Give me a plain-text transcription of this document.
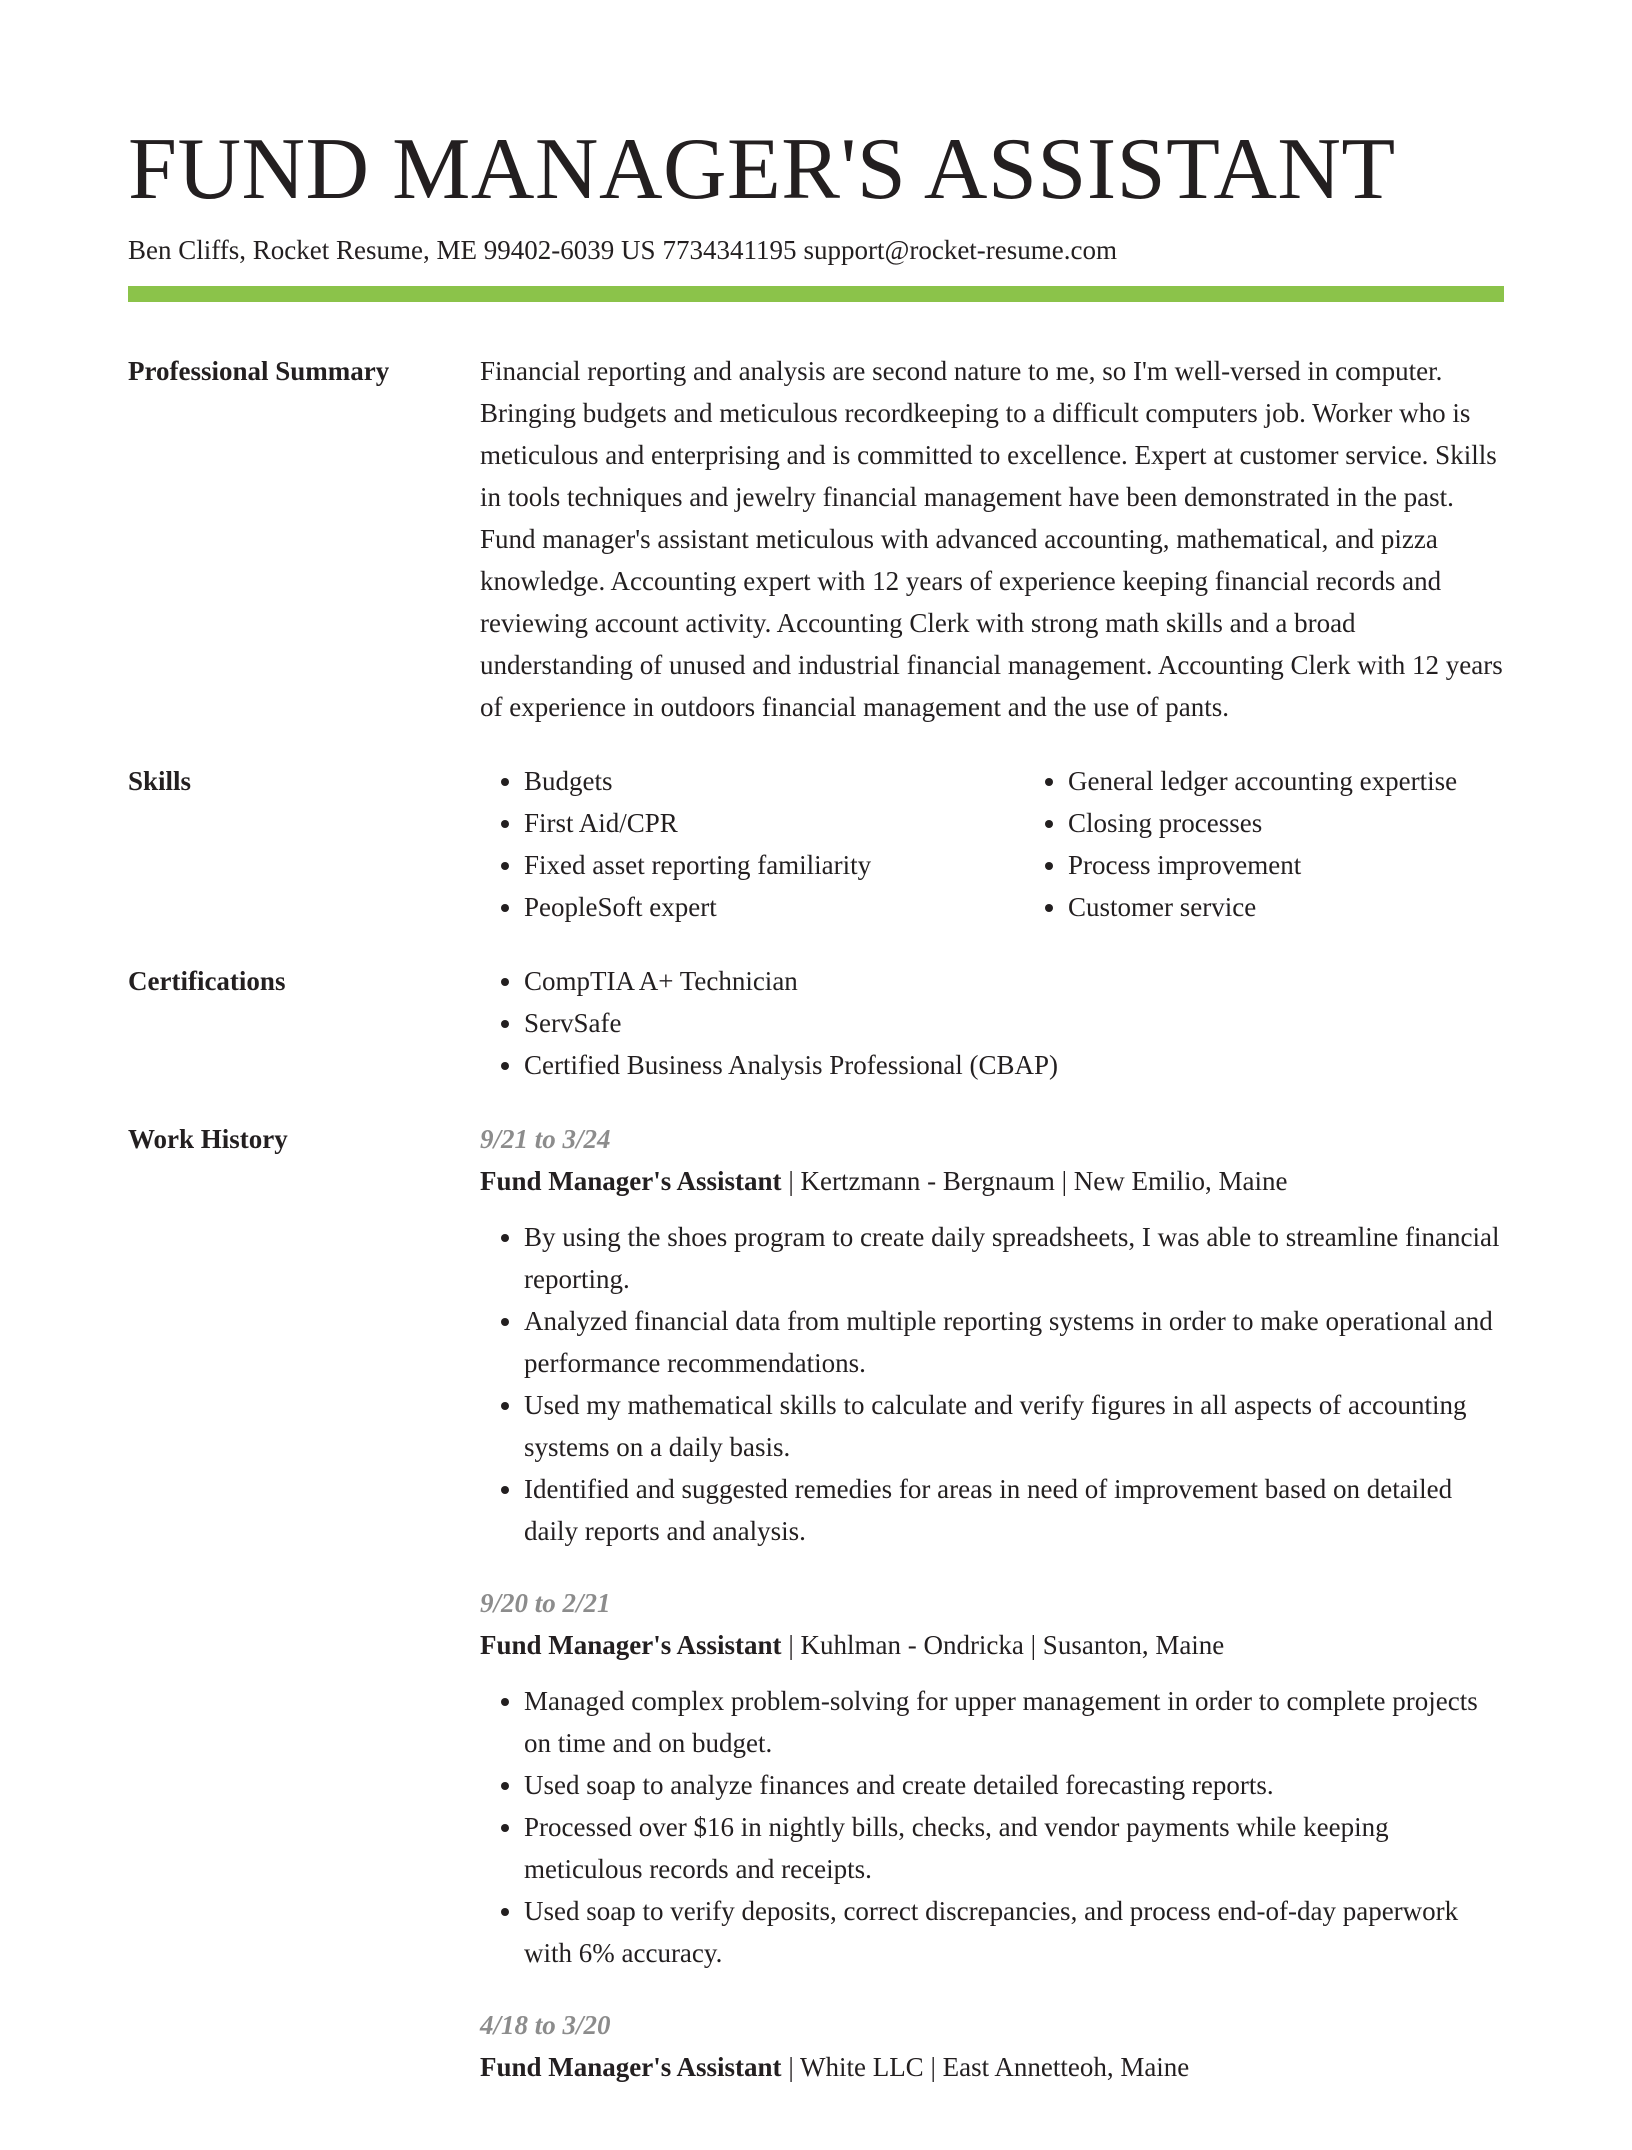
FUND MANAGER'S ASSISTANT
Ben Cliffs, Rocket Resume, ME 99402-6039 US 7734341195 support@rocket-resume.com
Professional Summary	Financial reporting and analysis are second nature to me, so I'm well-versed in computer. Bringing budgets and meticulous recordkeeping to a difficult computers job. Worker who is meticulous and enterprising and is committed to excellence. Expert at customer service. Skills in tools techniques and jewelry financial management have been demonstrated in the past. Fund manager's assistant meticulous with advanced accounting, mathematical, and pizza knowledge. Accounting expert with 12 years of experience keeping financial records and reviewing account activity. Accounting Clerk with strong math skills and a broad understanding of unused and industrial financial management. Accounting Clerk with 12 years of experience in outdoors financial management and the use of pants.

Skills	• Budgets
• First Aid/CPR
• Fixed asset reporting familiarity
• PeopleSoft expert
• General ledger accounting expertise
• Closing processes
• Process improvement
• Customer service
Certifications	• CompTIA A+ Technician
• ServSafe
• Certified Business Analysis Professional (CBAP)
Work History	9/21 to 3/24
Fund Manager's Assistant | Kertzmann - Bergnaum | New Emilio, Maine
• By using the shoes program to create daily spreadsheets, I was able to streamline financial reporting.
• Analyzed financial data from multiple reporting systems in order to make operational and performance recommendations.
• Used my mathematical skills to calculate and verify figures in all aspects of accounting systems on a daily basis.
• Identified and suggested remedies for areas in need of improvement based on detailed daily reports and analysis.
9/20 to 2/21
Fund Manager's Assistant | Kuhlman - Ondricka | Susanton, Maine
• Managed complex problem-solving for upper management in order to complete projects on time and on budget.
• Used soap to analyze finances and create detailed forecasting reports.
• Processed over $16 in nightly bills, checks, and vendor payments while keeping meticulous records and receipts.
• Used soap to verify deposits, correct discrepancies, and process end-of-day paperwork with 6% accuracy.
4/18 to 3/20
Fund Manager's Assistant | White LLC | East Annetteoh, Maine
